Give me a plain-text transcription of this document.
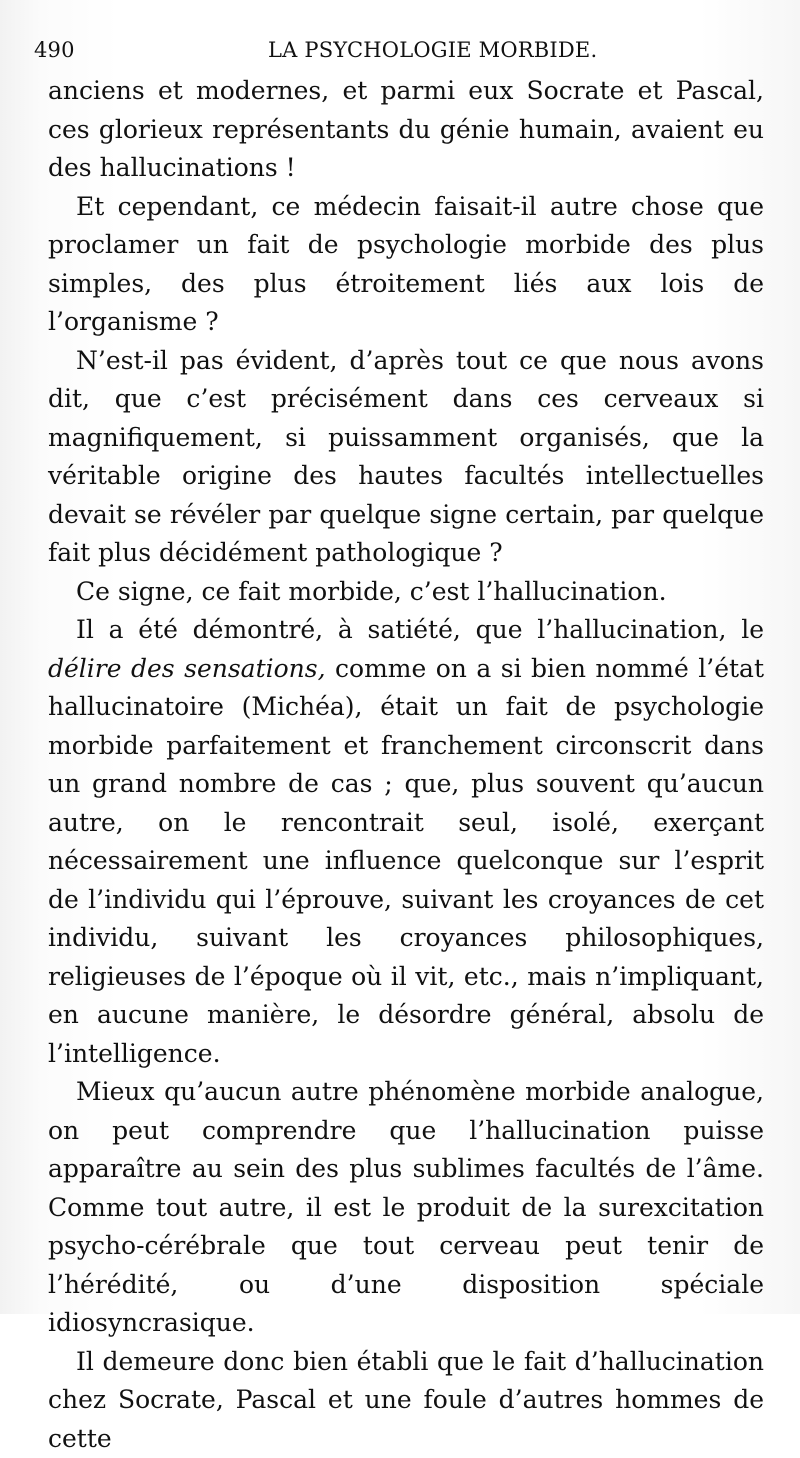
490	LA PSYCHOLOGIE MORBIDE.

anciens et modernes, et parmi eux Socrate et Pascal, ces glorieux représentants du génie humain, avaient eu des hallucinations !

Et cependant, ce médecin faisait-il autre chose que proclamer un fait de psychologie morbide des plus simples, des plus étroitement liés aux lois de l’organisme ?

N’est-il pas évident, d’après tout ce que nous avons dit, que c’est précisément dans ces cerveaux si magnifiquement, si puissamment organisés, que la véritable origine des hautes facultés intellectuelles devait se révéler par quelque signe certain, par quelque fait plus décidément pathologique ?

Ce signe, ce fait morbide, c’est l’hallucination.

Il a été démontré, à satiété, que l’hallucination, le délire des sensations, comme on a si bien nommé l’état hallucinatoire (Michéa), était un fait de psychologie morbide parfaitement et franchement circonscrit dans un grand nombre de cas ; que, plus souvent qu’aucun autre, on le rencontrait seul, isolé, exerçant nécessairement une influence quelconque sur l’esprit de l’individu qui l’éprouve, suivant les croyances de cet individu, suivant les croyances philosophiques, religieuses de l’époque où il vit, etc., mais n’impliquant, en aucune manière, le désordre général, absolu de l’intelligence.

Mieux qu’aucun autre phénomène morbide analogue, on peut comprendre que l’hallucination puisse apparaître au sein des plus sublimes facultés de l’âme. Comme tout autre, il est le produit de la surexcitation psycho-cérébrale que tout cerveau peut tenir de l’hérédité, ou d’une disposition spéciale idiosyncrasique.

Il demeure donc bien établi que le fait d’hallucination chez Socrate, Pascal et une foule d’autres hommes de cette
